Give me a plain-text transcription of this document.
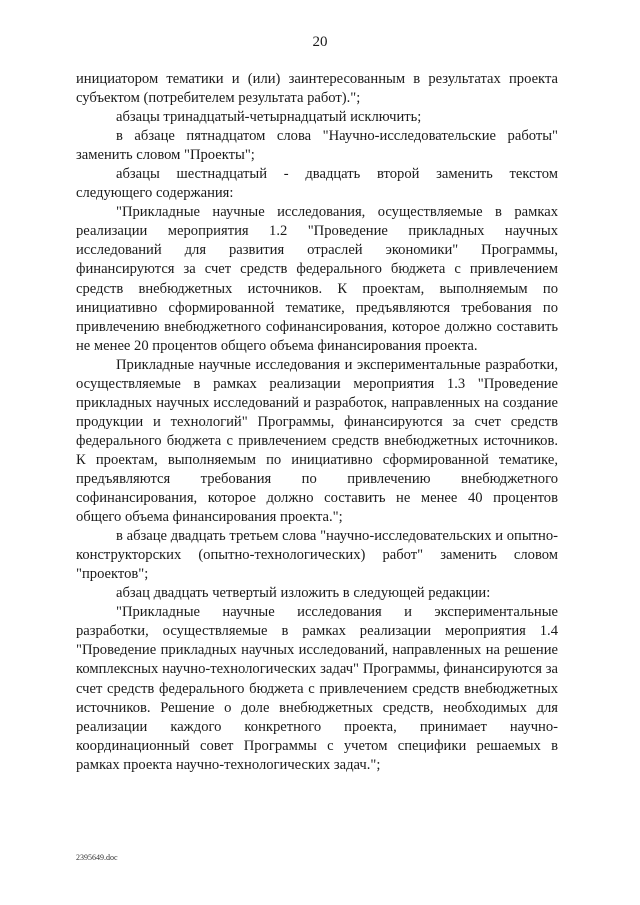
20

инициатором тематики и (или) заинтересованным в результатах проекта субъектом (потребителем результата работ).";

абзацы тринадцатый-четырнадцатый исключить;

в абзаце пятнадцатом слова "Научно-исследовательские работы" заменить словом "Проекты";

абзацы шестнадцатый - двадцать второй заменить текстом следующего содержания:

"Прикладные научные исследования, осуществляемые в рамках реализации мероприятия 1.2 "Проведение прикладных научных исследований для развития отраслей экономики" Программы, финансируются за счет средств федерального бюджета с привлечением средств внебюджетных источников. К проектам, выполняемым по инициативно сформированной тематике, предъявляются требования по привлечению внебюджетного софинансирования, которое должно составить не менее 20 процентов общего объема финансирования проекта.

Прикладные научные исследования и экспериментальные разработки, осуществляемые в рамках реализации мероприятия 1.3 "Проведение прикладных научных исследований и разработок, направленных на создание продукции и технологий" Программы, финансируются за счет средств федерального бюджета с привлечением средств внебюджетных источников. К проектам, выполняемым по инициативно сформированной тематике, предъявляются требования по привлечению внебюджетного софинансирования, которое должно составить не менее 40 процентов общего объема финансирования проекта.";

в абзаце двадцать третьем слова "научно-исследовательских и опытно-конструкторских (опытно-технологических) работ" заменить словом "проектов";

абзац двадцать четвертый изложить в следующей редакции:

"Прикладные научные исследования и экспериментальные разработки, осуществляемые в рамках реализации мероприятия 1.4 "Проведение прикладных научных исследований, направленных на решение комплексных научно-технологических задач" Программы, финансируются за счет средств федерального бюджета с привлечением средств внебюджетных источников. Решение о доле внебюджетных средств, необходимых для реализации каждого конкретного проекта, принимает научно-координационный совет Программы с учетом специфики решаемых в рамках проекта научно-технологических задач.";

2395649.doc
